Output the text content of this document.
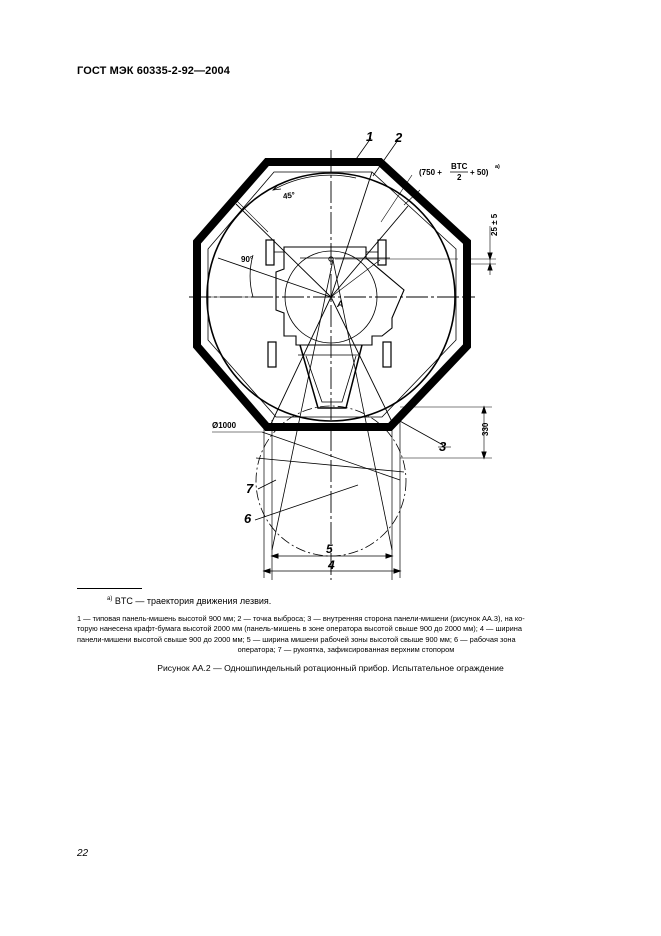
ГОСТ МЭК 60335-2-92—2004
1 2
3
4
5
6
7
45°
90°
A
Ø1000	330
25 ± 5
(750 +
BTC
2
+ 50)
a)
$^{a)}$ BTC — траектория движения лезвия.
1 — типовая панель-мишень высотой 900 мм; 2 — точка выброса; 3 — внутренняя сторона панели-мишени (рисунок АА.3), на ко-
торую нанесена крафт-бумага высотой 2000 мм (панель-мишень в зоне оператора высотой свыше 900 до 2000 мм); 4 — ширина
панели-мишени высотой свыше 900 до 2000 мм; 5 — ширина мишени рабочей зоны высотой свыше 900 мм; 6 — рабочая зона
оператора; 7 — рукоятка, зафиксированная верхним стопором
Рисунок АА.2 — Одношпиндельный ротационный прибор. Испытательное ограждение
22
